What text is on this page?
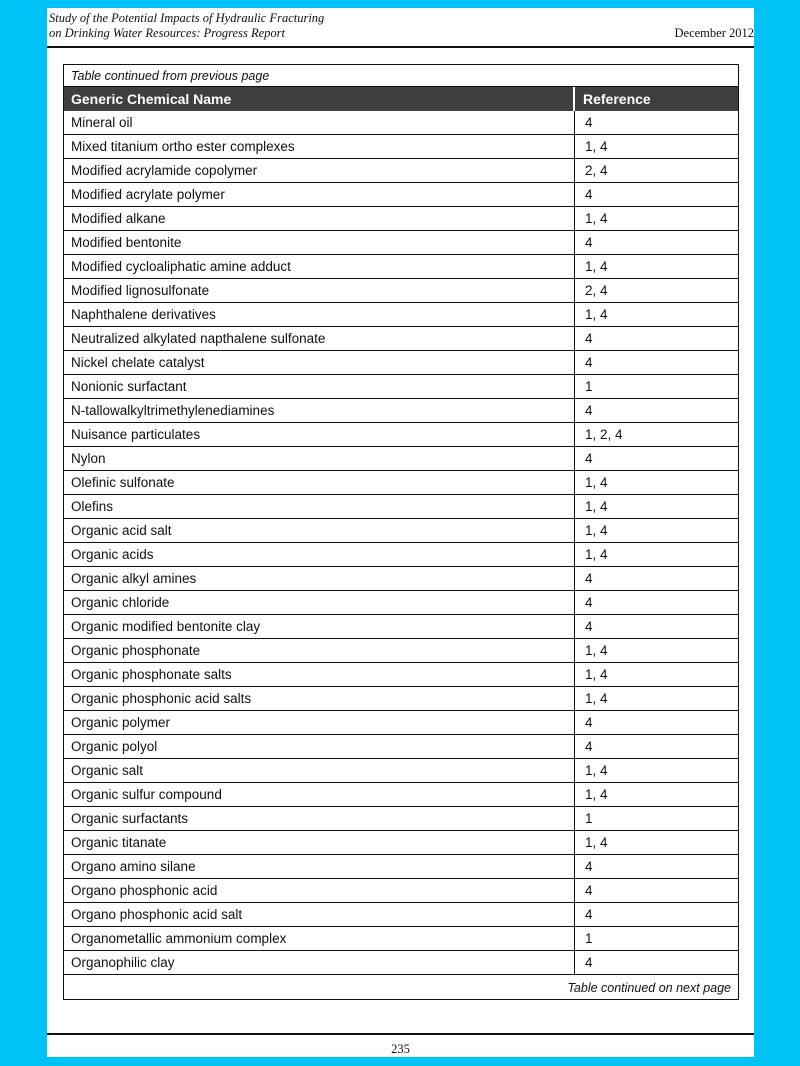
Study of the Potential Impacts of Hydraulic Fracturing
on Drinking Water Resources: Progress Report	December 2012
Table continued from previous page
Generic Chemical Name	Reference
Mineral oil	4
Mixed titanium ortho ester complexes	1, 4
Modified acrylamide copolymer	2, 4
Modified acrylate polymer	4
Modified alkane	1, 4
Modified bentonite	4
Modified cycloaliphatic amine adduct	1, 4
Modified lignosulfonate	2, 4
Naphthalene derivatives	1, 4
Neutralized alkylated napthalene sulfonate	4
Nickel chelate catalyst	4
Nonionic surfactant	1
N-tallowalkyltrimethylenediamines	4
Nuisance particulates	1, 2, 4
Nylon	4
Olefinic sulfonate	1, 4
Olefins	1, 4
Organic acid salt	1, 4
Organic acids	1, 4
Organic alkyl amines	4
Organic chloride	4
Organic modified bentonite clay	4
Organic phosphonate	1, 4
Organic phosphonate salts	1, 4
Organic phosphonic acid salts	1, 4
Organic polymer	4
Organic polyol	4
Organic salt	1, 4
Organic sulfur compound	1, 4
Organic surfactants	1
Organic titanate	1, 4
Organo amino silane	4
Organo phosphonic acid	4
Organo phosphonic acid salt	4
Organometallic ammonium complex	1
Organophilic clay	4
Table continued on next page
235
